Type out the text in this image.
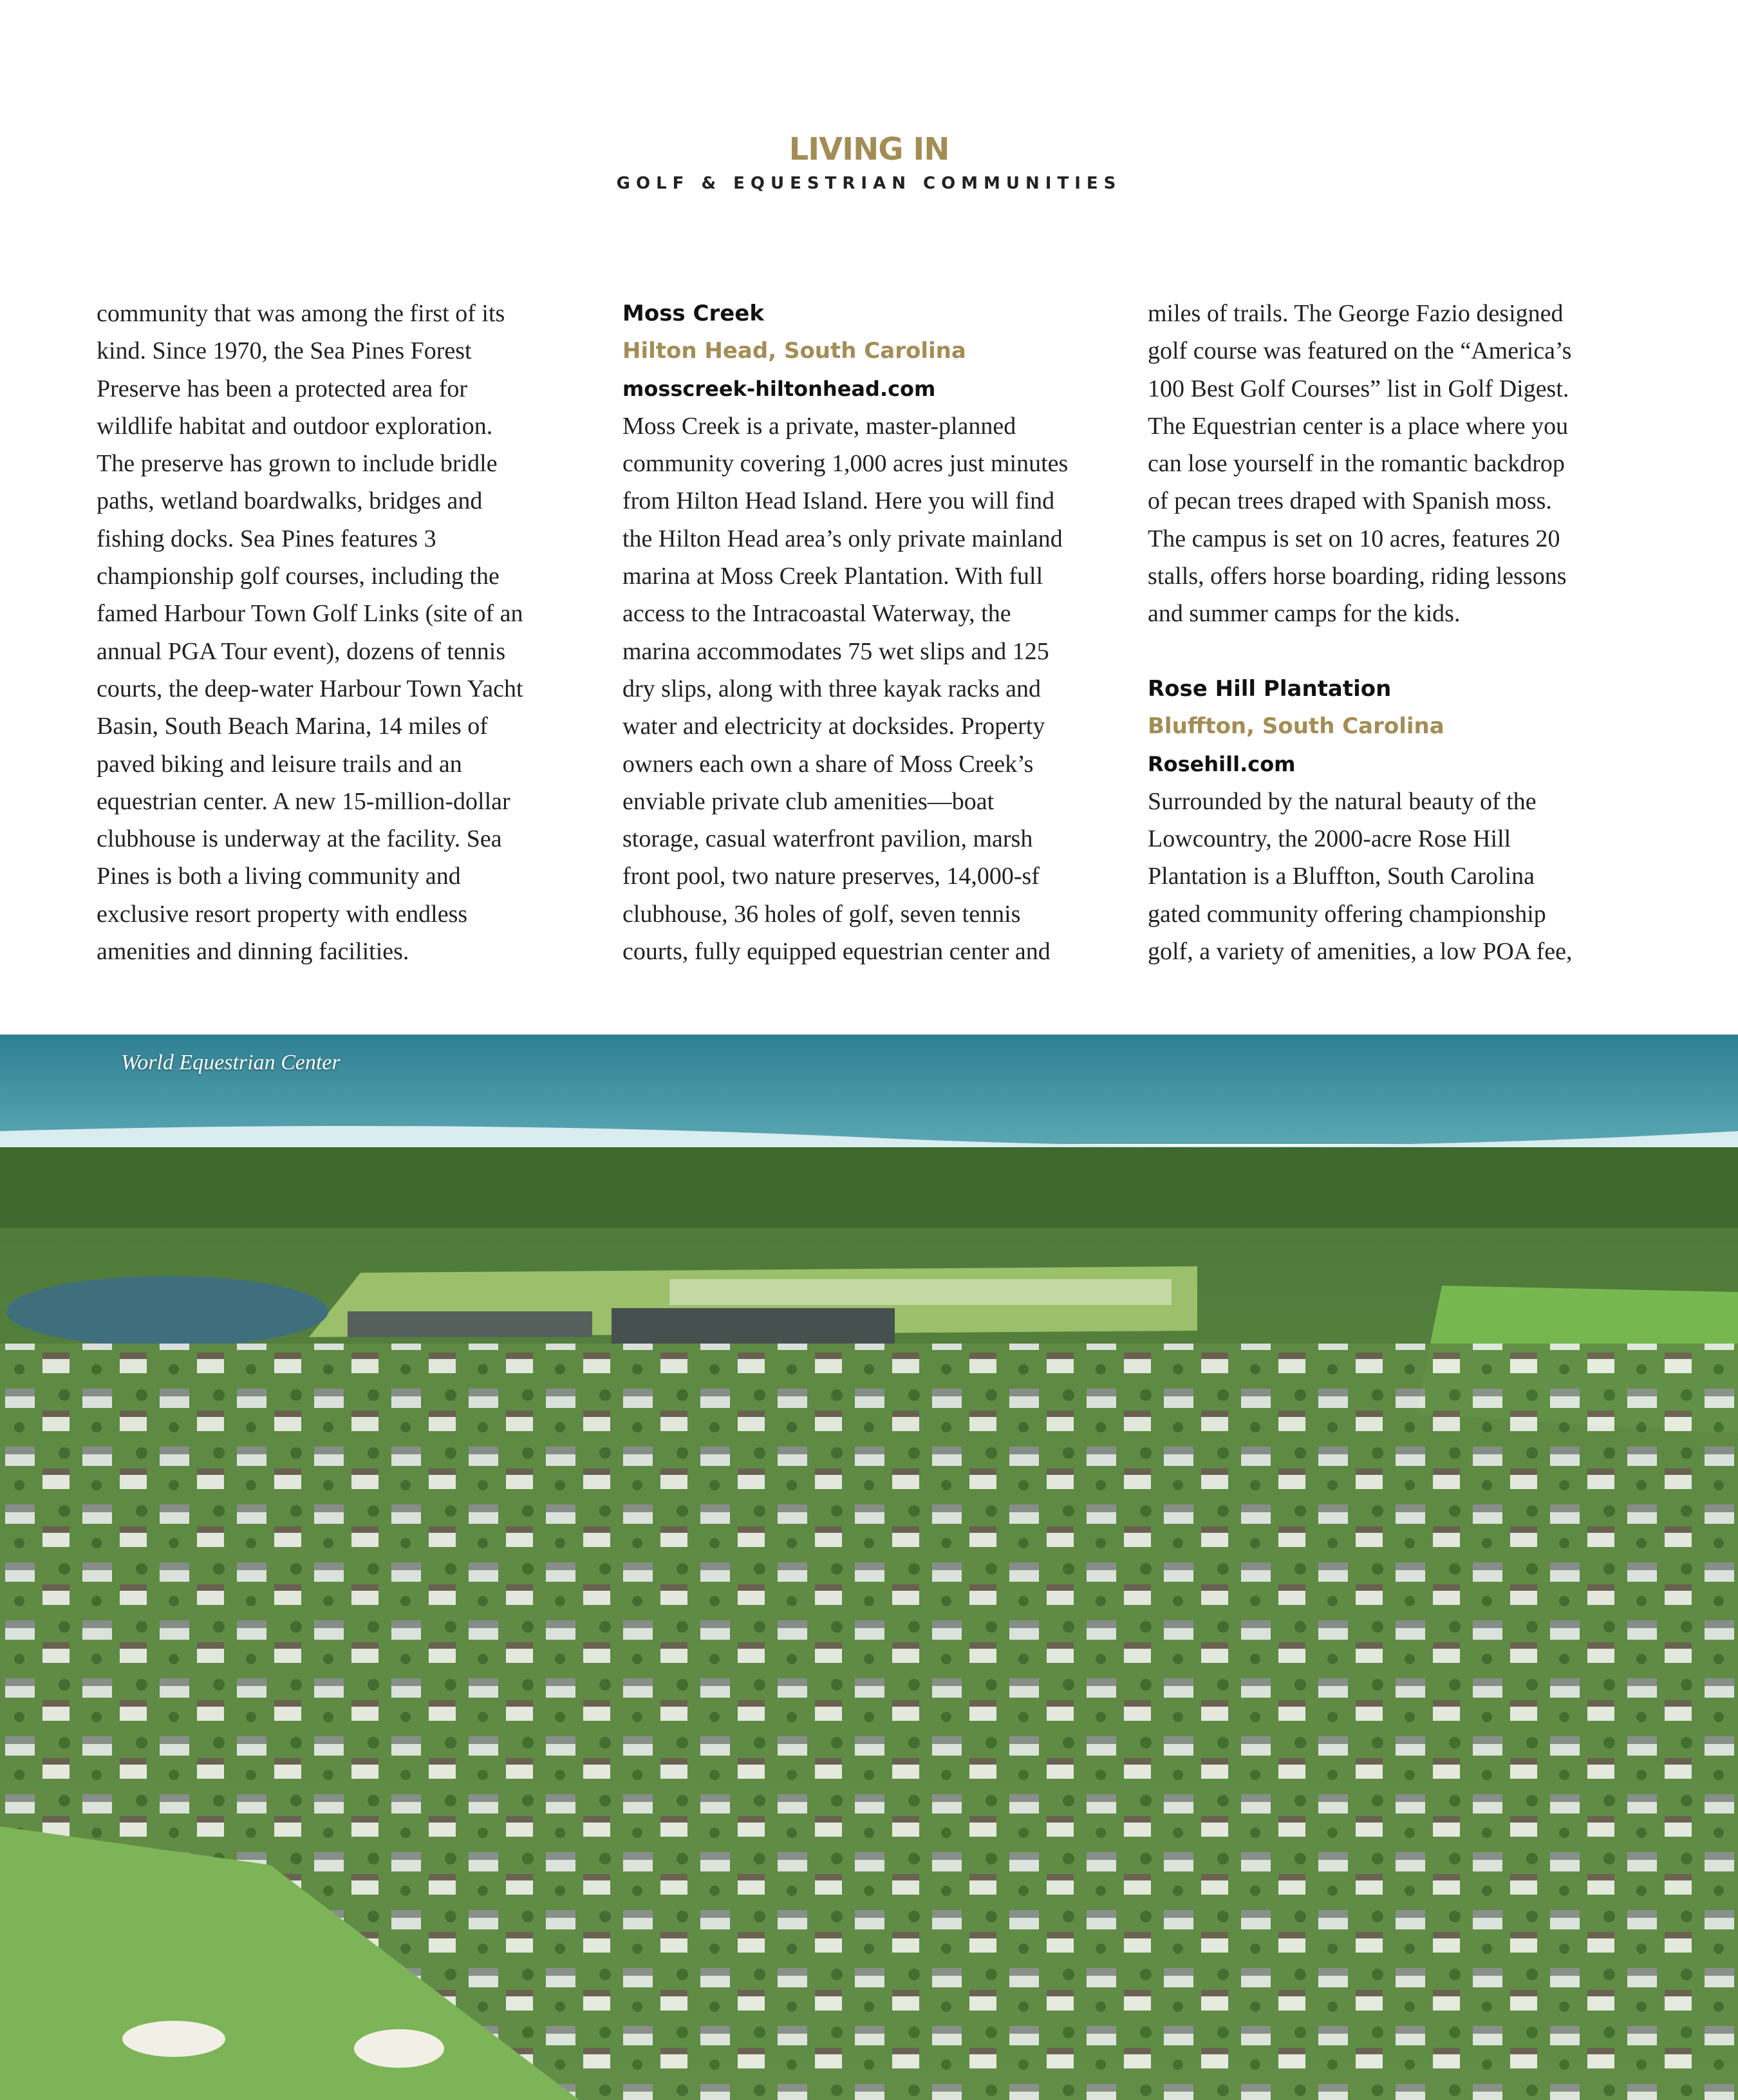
LIVING IN
GOLF & EQUESTRIAN COMMUNITIES

community that was among the first of its
kind. Since 1970, the Sea Pines Forest
Preserve has been a protected area for
wildlife habitat and outdoor exploration.
The preserve has grown to include bridle
paths, wetland boardwalks, bridges and
fishing docks. Sea Pines features 3
championship golf courses, including the
famed Harbour Town Golf Links (site of an
annual PGA Tour event), dozens of tennis
courts, the deep-water Harbour Town Yacht
Basin, South Beach Marina, 14 miles of
paved biking and leisure trails and an
equestrian center. A new 15-million-dollar
clubhouse is underway at the facility. Sea
Pines is both a living community and
exclusive resort property with endless
amenities and dinning facilities.

Moss Creek
Hilton Head, South Carolina
mosscreek-hiltonhead.com

Moss Creek is a private, master-planned
community covering 1,000 acres just minutes
from Hilton Head Island. Here you will find
the Hilton Head area’s only private mainland
marina at Moss Creek Plantation. With full
access to the Intracoastal Waterway, the
marina accommodates 75 wet slips and 125
dry slips, along with three kayak racks and
water and electricity at docksides. Property
owners each own a share of Moss Creek’s
enviable private club amenities—boat
storage, casual waterfront pavilion, marsh
front pool, two nature preserves, 14,000-sf
clubhouse, 36 holes of golf, seven tennis
courts, fully equipped equestrian center and

miles of trails. The George Fazio designed
golf course was featured on the “America’s
100 Best Golf Courses” list in Golf Digest.
The Equestrian center is a place where you
can lose yourself in the romantic backdrop
of pecan trees draped with Spanish moss.
The campus is set on 10 acres, features 20
stalls, offers horse boarding, riding lessons
and summer camps for the kids.

Rose Hill Plantation
Bluffton, South Carolina
Rosehill.com

Surrounded by the natural beauty of the
Lowcountry, the 2000-acre Rose Hill
Plantation is a Bluffton, South Carolina
gated community offering championship
golf, a variety of amenities, a low POA fee,

World Equestrian Center
